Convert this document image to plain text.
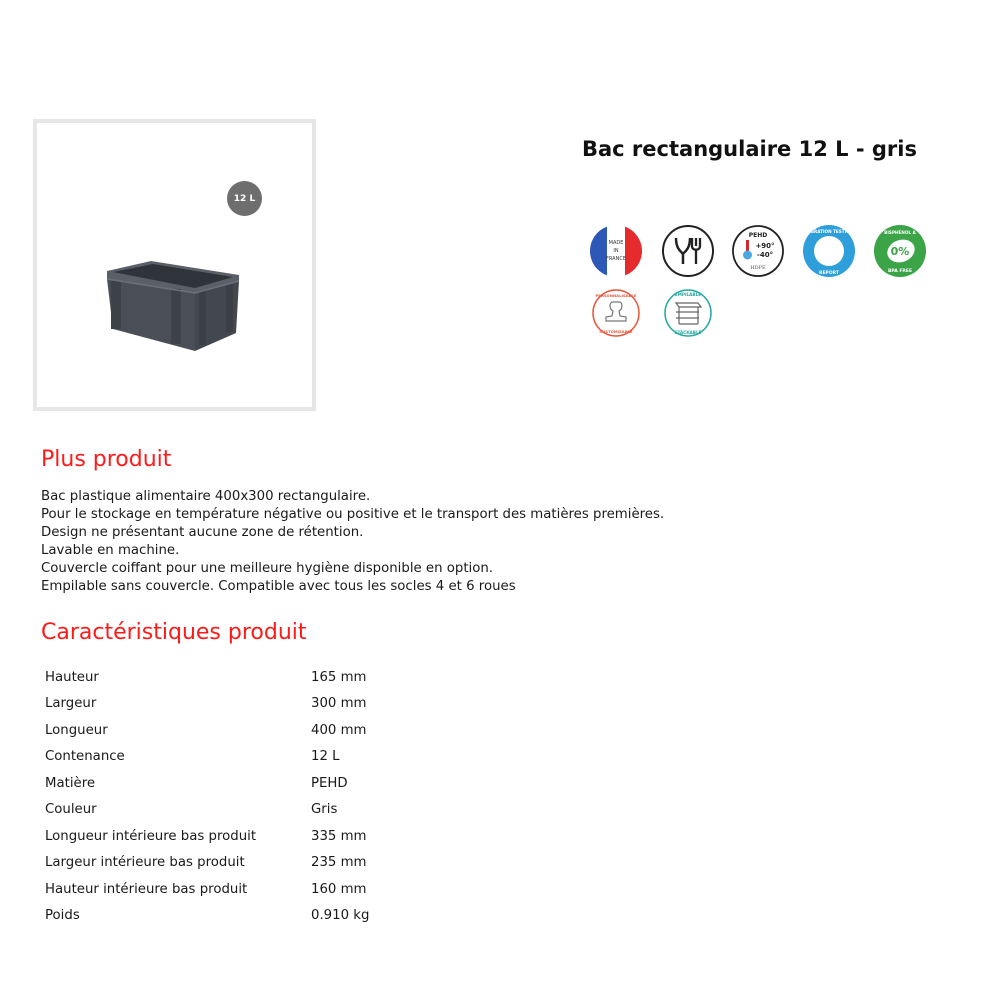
12 L
Bac rectangulaire 12 L - gris
MADE
IN
FRANCE
PEHD
+90°
-40°
HDPE
MIGRATION TESTING
REPORT
0%
BISPHÉNOL A
BPA FREE
PERSONNALISABLE
CUSTOMIZABLE
EMPILABLE
STACKABLE
Plus produit

Bac plastique alimentaire 400x300 rectangulaire.

Pour le stockage en température négative ou positive et le transport des matières premières.

Design ne présentant aucune zone de rétention.

Lavable en machine.

Couvercle coiffant pour une meilleure hygiène disponible en option.

Empilable sans couvercle. Compatible avec tous les socles 4 et 6 roues

Caractéristiques produit
Hauteur	165 mm
Largeur	300 mm
Longueur	400 mm
Contenance	12 L
Matière	PEHD
Couleur	Gris
Longueur intérieure bas produit	335 mm
Largeur intérieure bas produit	235 mm
Hauteur intérieure bas produit	160 mm
Poids	0.910 kg
